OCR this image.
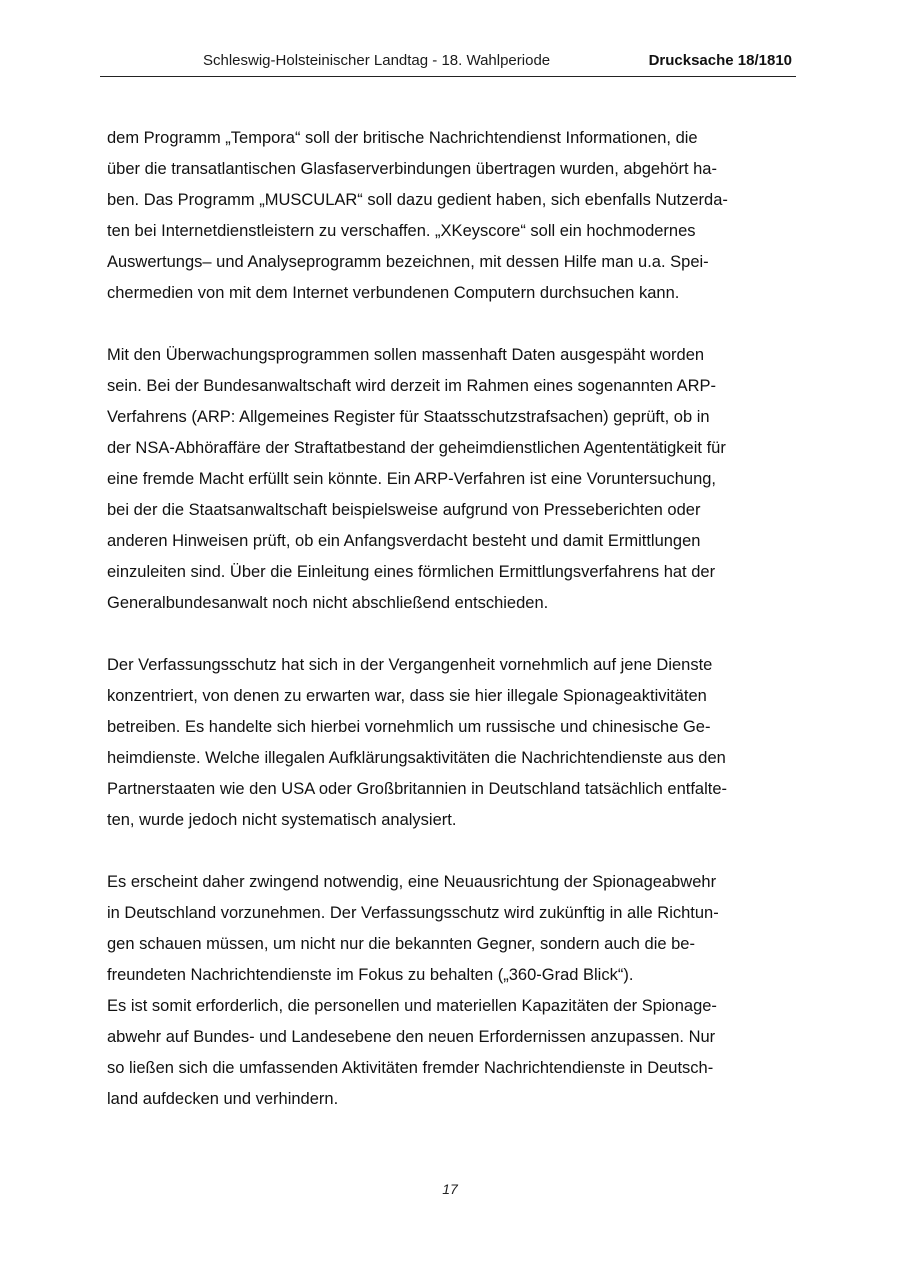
Schleswig-Holsteinischer Landtag - 18. Wahlperiode	Drucksache 18/1810
dem Programm „Tempora“ soll der britische Nachrichtendienst Informationen, die
über die transatlantischen Glasfaserverbindungen übertragen wurden, abgehört ha-
ben. Das Programm „MUSCULAR“ soll dazu gedient haben, sich ebenfalls Nutzerda-
ten bei Internetdienstleistern zu verschaffen. „XKeyscore“ soll ein hochmodernes
Auswertungs– und Analyseprogramm bezeichnen, mit dessen Hilfe man u.a. Spei-
chermedien von mit dem Internet verbundenen Computern durchsuchen kann.
Mit den Überwachungsprogrammen sollen massenhaft Daten ausgespäht worden
sein. Bei der Bundesanwaltschaft wird derzeit im Rahmen eines sogenannten ARP-
Verfahrens (ARP: Allgemeines Register für Staatsschutzstrafsachen) geprüft, ob in
der NSA-Abhöraffäre der Straftatbestand der geheimdienstlichen Agententätigkeit für
eine fremde Macht erfüllt sein könnte. Ein ARP-Verfahren ist eine Voruntersuchung,
bei der die Staatsanwaltschaft beispielsweise aufgrund von Presseberichten oder
anderen Hinweisen prüft, ob ein Anfangsverdacht besteht und damit Ermittlungen
einzuleiten sind. Über die Einleitung eines förmlichen Ermittlungsverfahrens hat der
Generalbundesanwalt noch nicht abschließend entschieden.
Der Verfassungsschutz hat sich in der Vergangenheit vornehmlich auf jene Dienste
konzentriert, von denen zu erwarten war, dass sie hier illegale Spionageaktivitäten
betreiben. Es handelte sich hierbei vornehmlich um russische und chinesische Ge-
heimdienste. Welche illegalen Aufklärungsaktivitäten die Nachrichtendienste aus den
Partnerstaaten wie den USA oder Großbritannien in Deutschland tatsächlich entfalte-
ten, wurde jedoch nicht systematisch analysiert.
Es erscheint daher zwingend notwendig, eine Neuausrichtung der Spionageabwehr
in Deutschland vorzunehmen. Der Verfassungsschutz wird zukünftig in alle Richtun-
gen schauen müssen, um nicht nur die bekannten Gegner, sondern auch die be-
freundeten Nachrichtendienste im Fokus zu behalten („360-Grad Blick“).
Es ist somit erforderlich, die personellen und materiellen Kapazitäten der Spionage-
abwehr auf Bundes- und Landesebene den neuen Erfordernissen anzupassen. Nur
so ließen sich die umfassenden Aktivitäten fremder Nachrichtendienste in Deutsch-
land aufdecken und verhindern.
17
